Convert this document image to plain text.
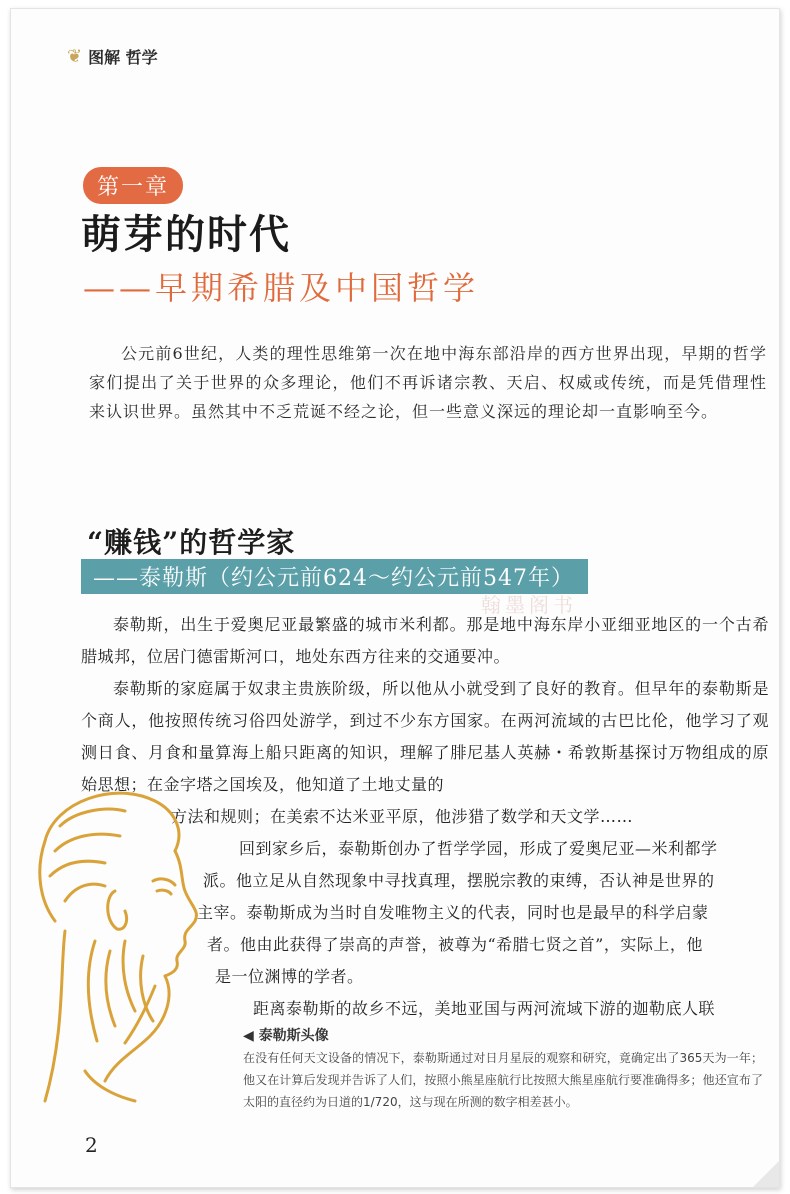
❦ 图解 哲学
第一章
萌芽的时代
——早期希腊及中国哲学

公元前6世纪，人类的理性思维第一次在地中海东部沿岸的西方世界出现，早期的哲学家们提出了关于世界的众多理论，他们不再诉诸宗教、天启、权威或传统，而是凭借理性来认识世界。虽然其中不乏荒诞不经之论，但一些意义深远的理论却一直影响至今。

“赚钱”的哲学家
——泰勒斯（约公元前624～约公元前547年）
翰墨阁书

泰勒斯，出生于爱奥尼亚最繁盛的城市米利都。那是地中海东岸小亚细亚地区的一个古希腊城邦，位居门德雷斯河口，地处东西方往来的交通要冲。

泰勒斯的家庭属于奴隶主贵族阶级，所以他从小就受到了良好的教育。但早年的泰勒斯是个商人，他按照传统习俗四处游学，到过不少东方国家。在两河流域的古巴比伦，他学习了观测日食、月食和量算海上船只距离的知识，理解了腓尼基人英赫・希敦斯基探讨万物组成的原始思想；在金字塔之国埃及，他知道了土地丈量的

方法和规则；在美索不达米亚平原，他涉猎了数学和天文学……

回到家乡后，泰勒斯创办了哲学学园，形成了爱奥尼亚—米利都学

派。他立足从自然现象中寻找真理，摆脱宗教的束缚，否认神是世界的

主宰。泰勒斯成为当时自发唯物主义的代表，同时也是最早的科学启蒙

者。他由此获得了崇高的声誉，被尊为“希腊七贤之首”，实际上，他

是一位渊博的学者。

距离泰勒斯的故乡不远，美地亚国与两河流域下游的迦勒底人联

◀ 泰勒斯头像

在没有任何天文设备的情况下，泰勒斯通过对日月星辰的观察和研究，竟确定出了365天为一年；他又在计算后发现并告诉了人们，按照小熊星座航行比按照大熊星座航行要准确得多；他还宣布了太阳的直径约为日道的1/720，这与现在所测的数字相差甚小。

2
